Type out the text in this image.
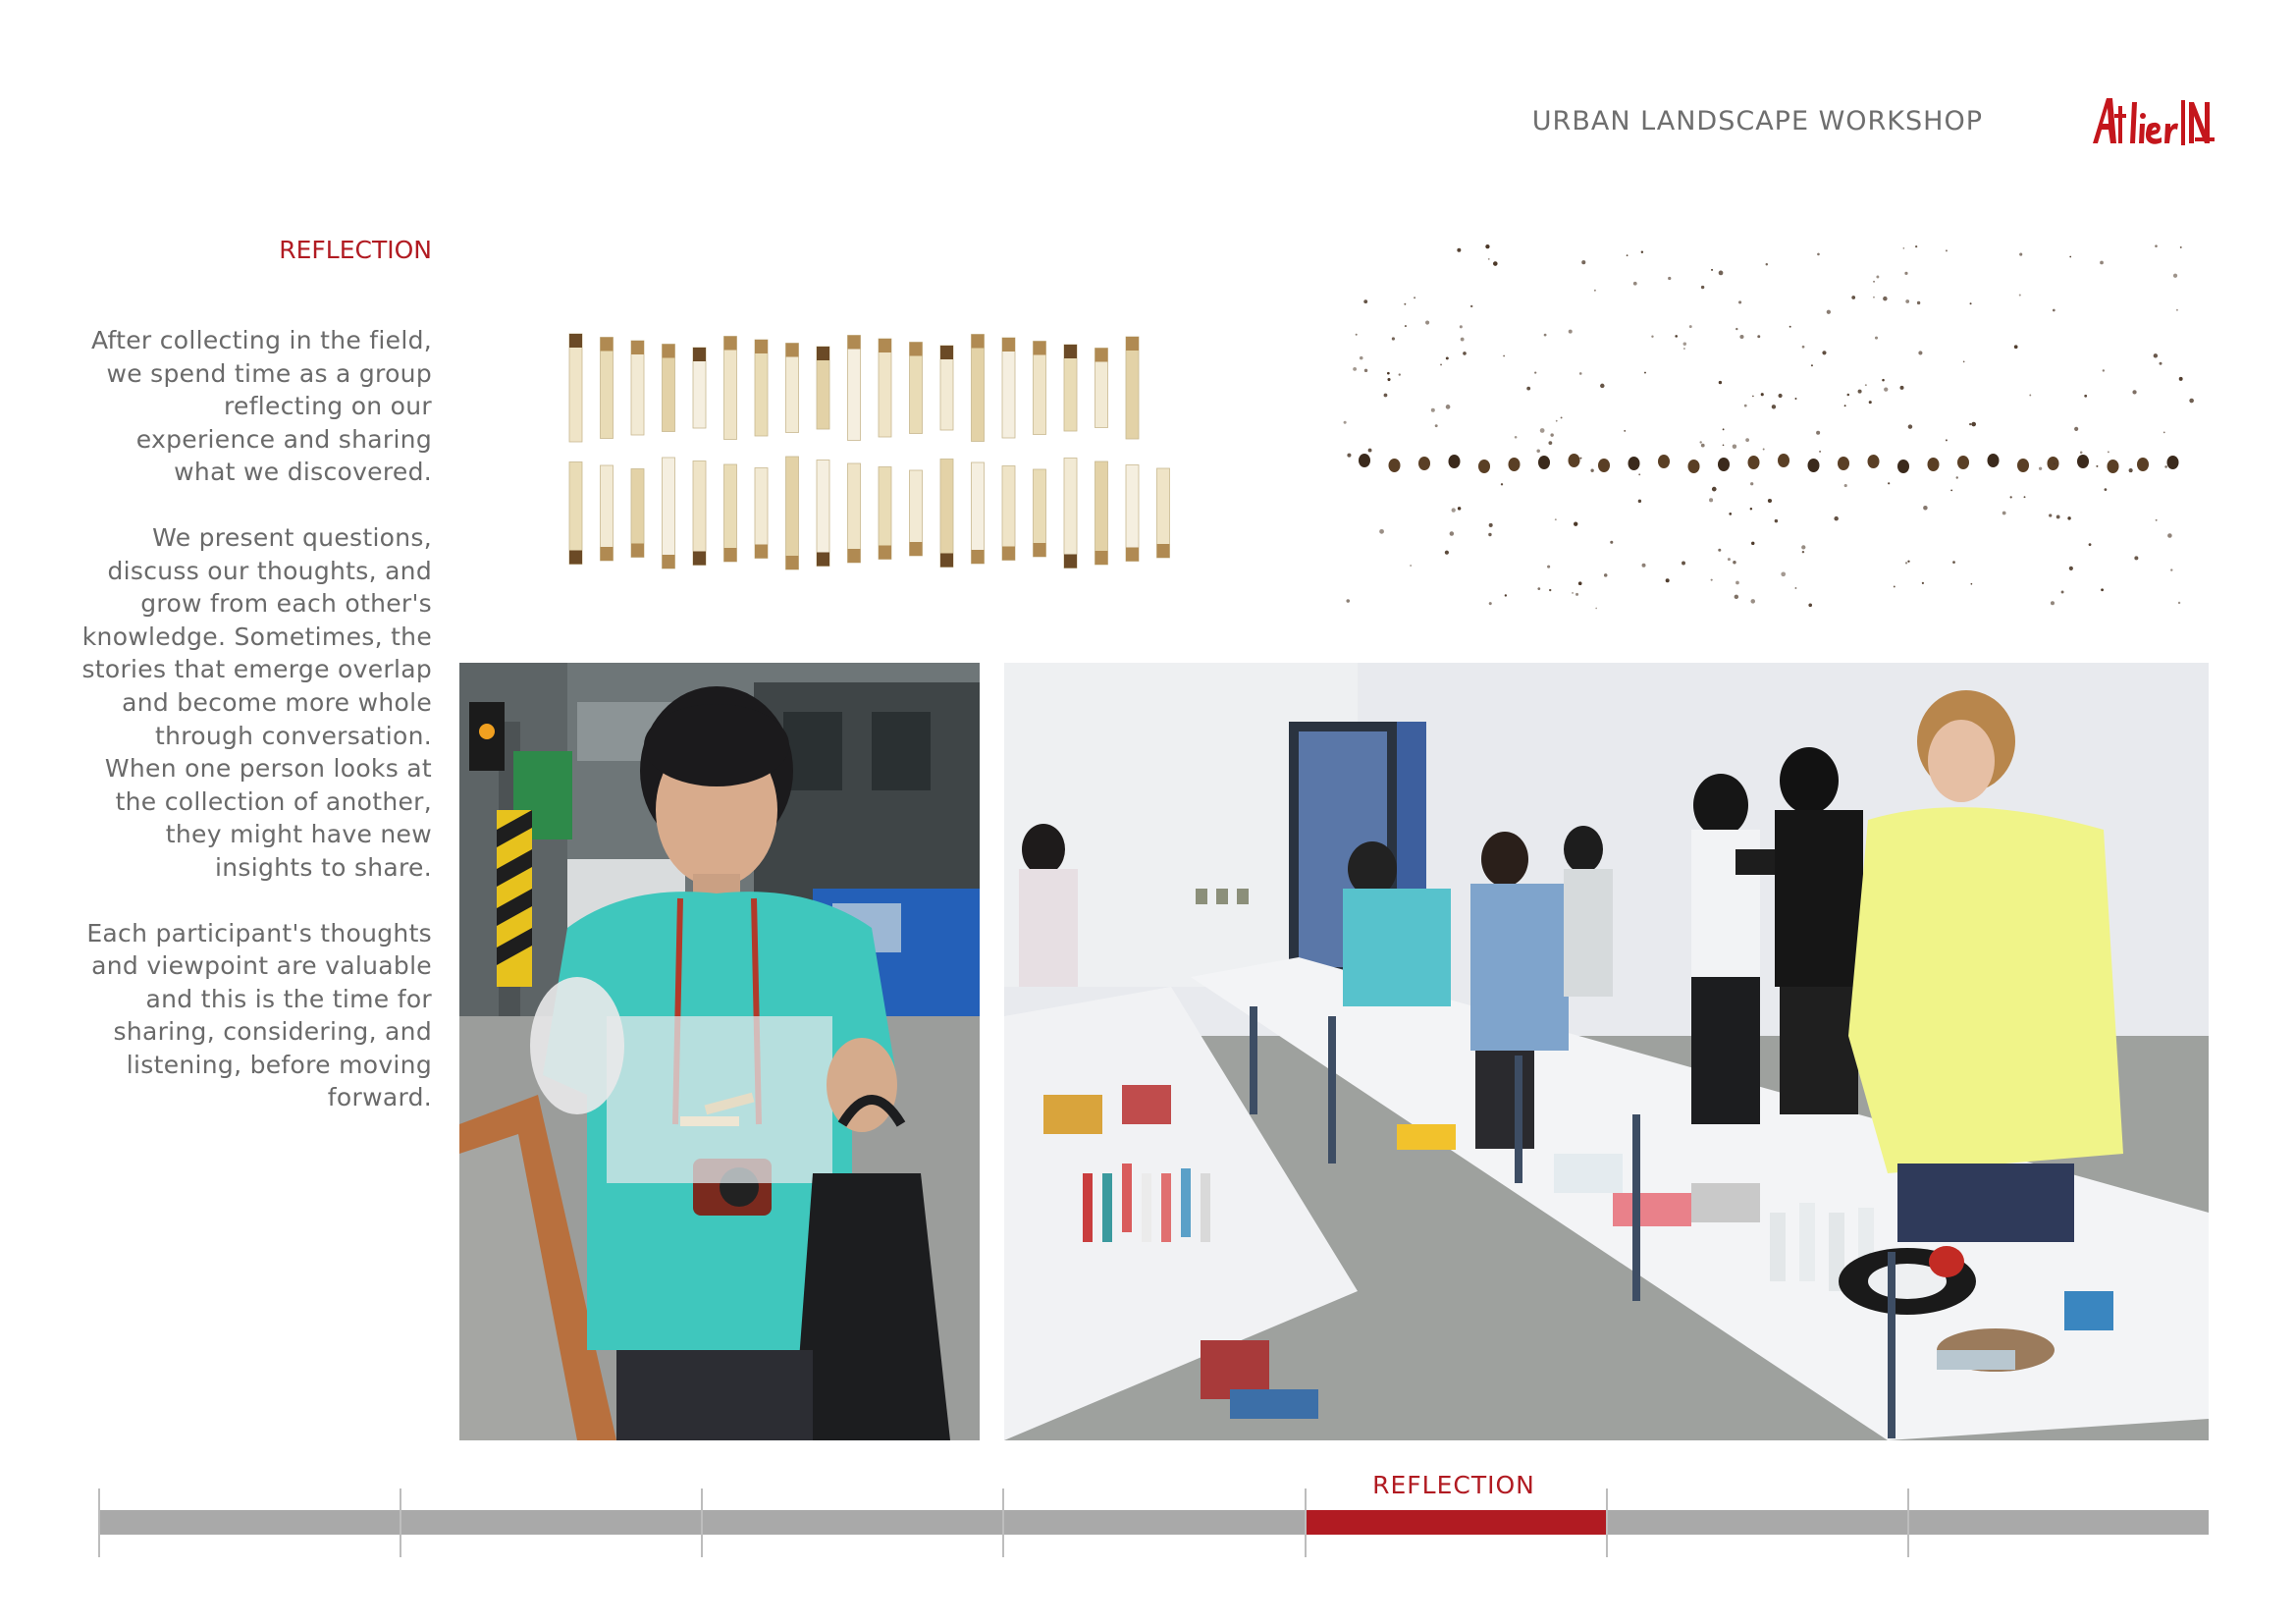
URBAN LANDSCAPE WORKSHOP
REFLECTION

After collecting in the field, we spend time as a group reflecting on our experience and sharing what we discovered.

We present questions, discuss our thoughts, and grow from each other's knowledge. Sometimes, the stories that emerge overlap and become more whole through conversation. When one person looks at the collection of another, they might have new insights to share.

Each participant's thoughts and viewpoint are valuable and this is the time for sharing, considering, and listening, before moving forward.

REFLECTION
